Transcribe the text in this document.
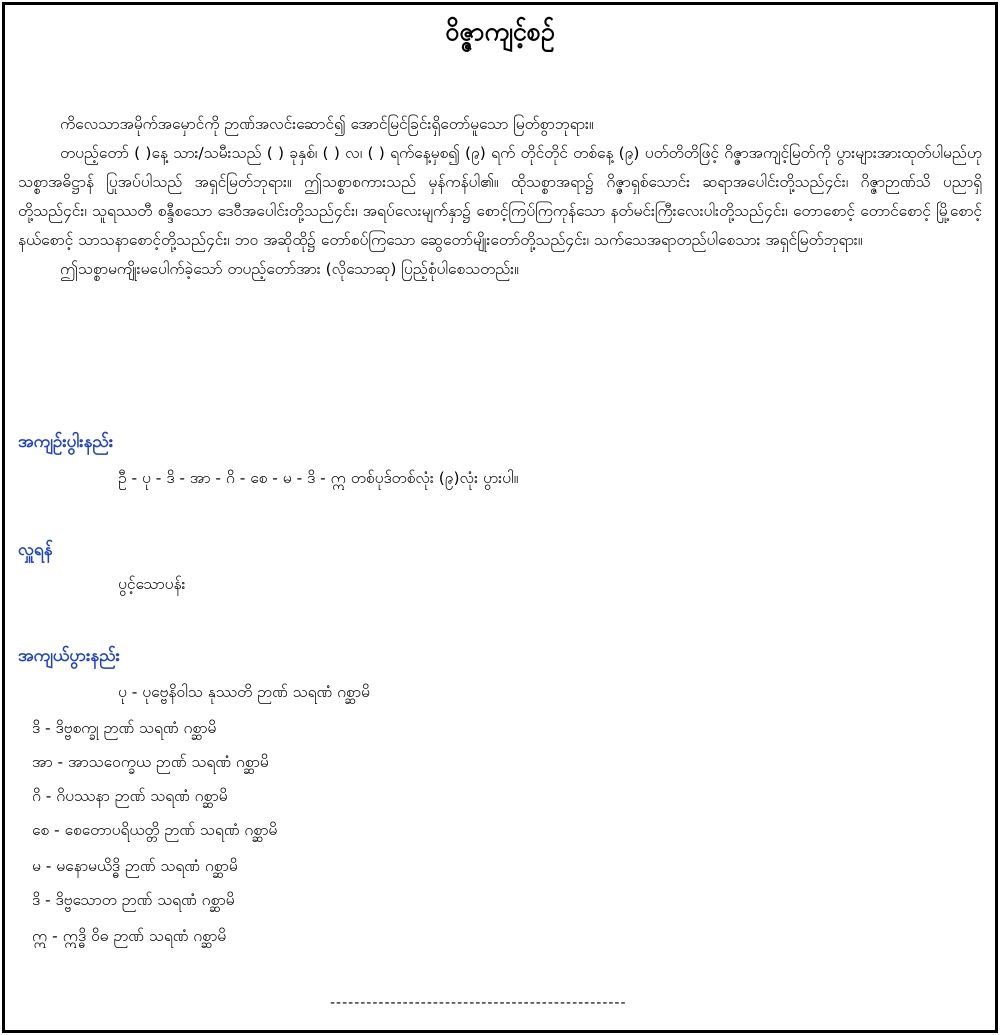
ဝိဇ္ဇာကျင့်စဉ်

ကိလေသာအမိုက်အမှောင်ကို ဉာဏ်အလင်းဆောင်၍ အောင်မြင်ခြင်းရှိတော်မူသော မြတ်စွာဘုရား။

တပည့်တော် ( )နေ့ သား/သမီးသည် ( ) ခုနှစ်၊ ( ) လ၊ ( ) ရက်နေ့မှစ၍ (၉) ရက် တိုင်တိုင် တစ်နေ့ (၉) ပတ်တိတိဖြင့် ဂိဇ္ဇာအကျင့်မြတ်ကို ပွားများအားထုတ်ပါမည်ဟု သစ္စာအဓိဋ္ဌာန် ပြုအပ်ပါသည် အရှင်မြတ်ဘုရား။ ဤသစ္စာစကားသည် မှန်ကန်ပါ၏။ ထိုသစ္စာအရာ၌ ဂိဇ္ဇာရှစ်သောင်း ဆရာအပေါင်းတို့သည်၄င်း၊ ဂိဇ္ဇာဉာဏ်သိ ပညာရှိတို့သည်၄င်း၊ သူရဿတီ စန္ဒီစသော ဒေဝီအပေါင်းတို့သည်၄င်း၊ အရပ်လေးမျက်နှာ၌ စောင့်ကြပ်ကြကုန်သော နတ်မင်းကြီးလေးပါးတို့သည်၄င်း၊ တောစောင့် တောင်စောင့် မြို့စောင့် နယ်စောင့် သာသနာစောင့်တို့သည်၄င်း၊ ဘဝ အဆိုထို၌ တော်စပ်ကြသော ဆွေတော်မျိုးတော်တို့သည်၄င်း၊ သက်သေအရာတည်ပါစေသား အရှင်မြတ်ဘုရား။

ဤသစ္စာမကျိုးမပေါက်ခဲ့သော် တပည့်တော်အား (လိုသောဆု) ပြည့်စုံပါစေသတည်း။

အကျဉ်းပွါးနည်း
ဦ - ပု - ဒိ - အာ - ဂိ - စေ - မ - ဒိ - ဣ တစ်ပုဒ်တစ်လုံး (၉)လုံး ပွားပါ။
လှူရန်
ပွင့်သောပန်း
အကျယ်ပွားနည်း
ပု - ပုဗ္ဗေနိဝါသ နုဿတိ ဉာဏ် သရဏံ ဂစ္ဆာမိ
ဒိ - ဒိဗ္ဗစက္ခု ဉာဏ် သရဏံ ဂစ္ဆာမိ
အာ - အာသဝေက္ခယ ဉာဏ် သရဏံ ဂစ္ဆာမိ
ဂိ - ဂိပဿနာ ဉာဏ် သရဏံ ဂစ္ဆာမိ
စေ - စေတောပရိယတ္တိ ဉာဏ် သရဏံ ဂစ္ဆာမိ
မ - မနောမယိဒ္ဓိ ဉာဏ် သရဏံ ဂစ္ဆာမိ
ဒိ - ဒိဗ္ဗသောတ ဉာဏ် သရဏံ ဂစ္ဆာမိ
ဣ - ဣဒ္ဓိ ဝိဓ ဉာဏ် သရဏံ ဂစ္ဆာမိ
-------------------------------------------------
